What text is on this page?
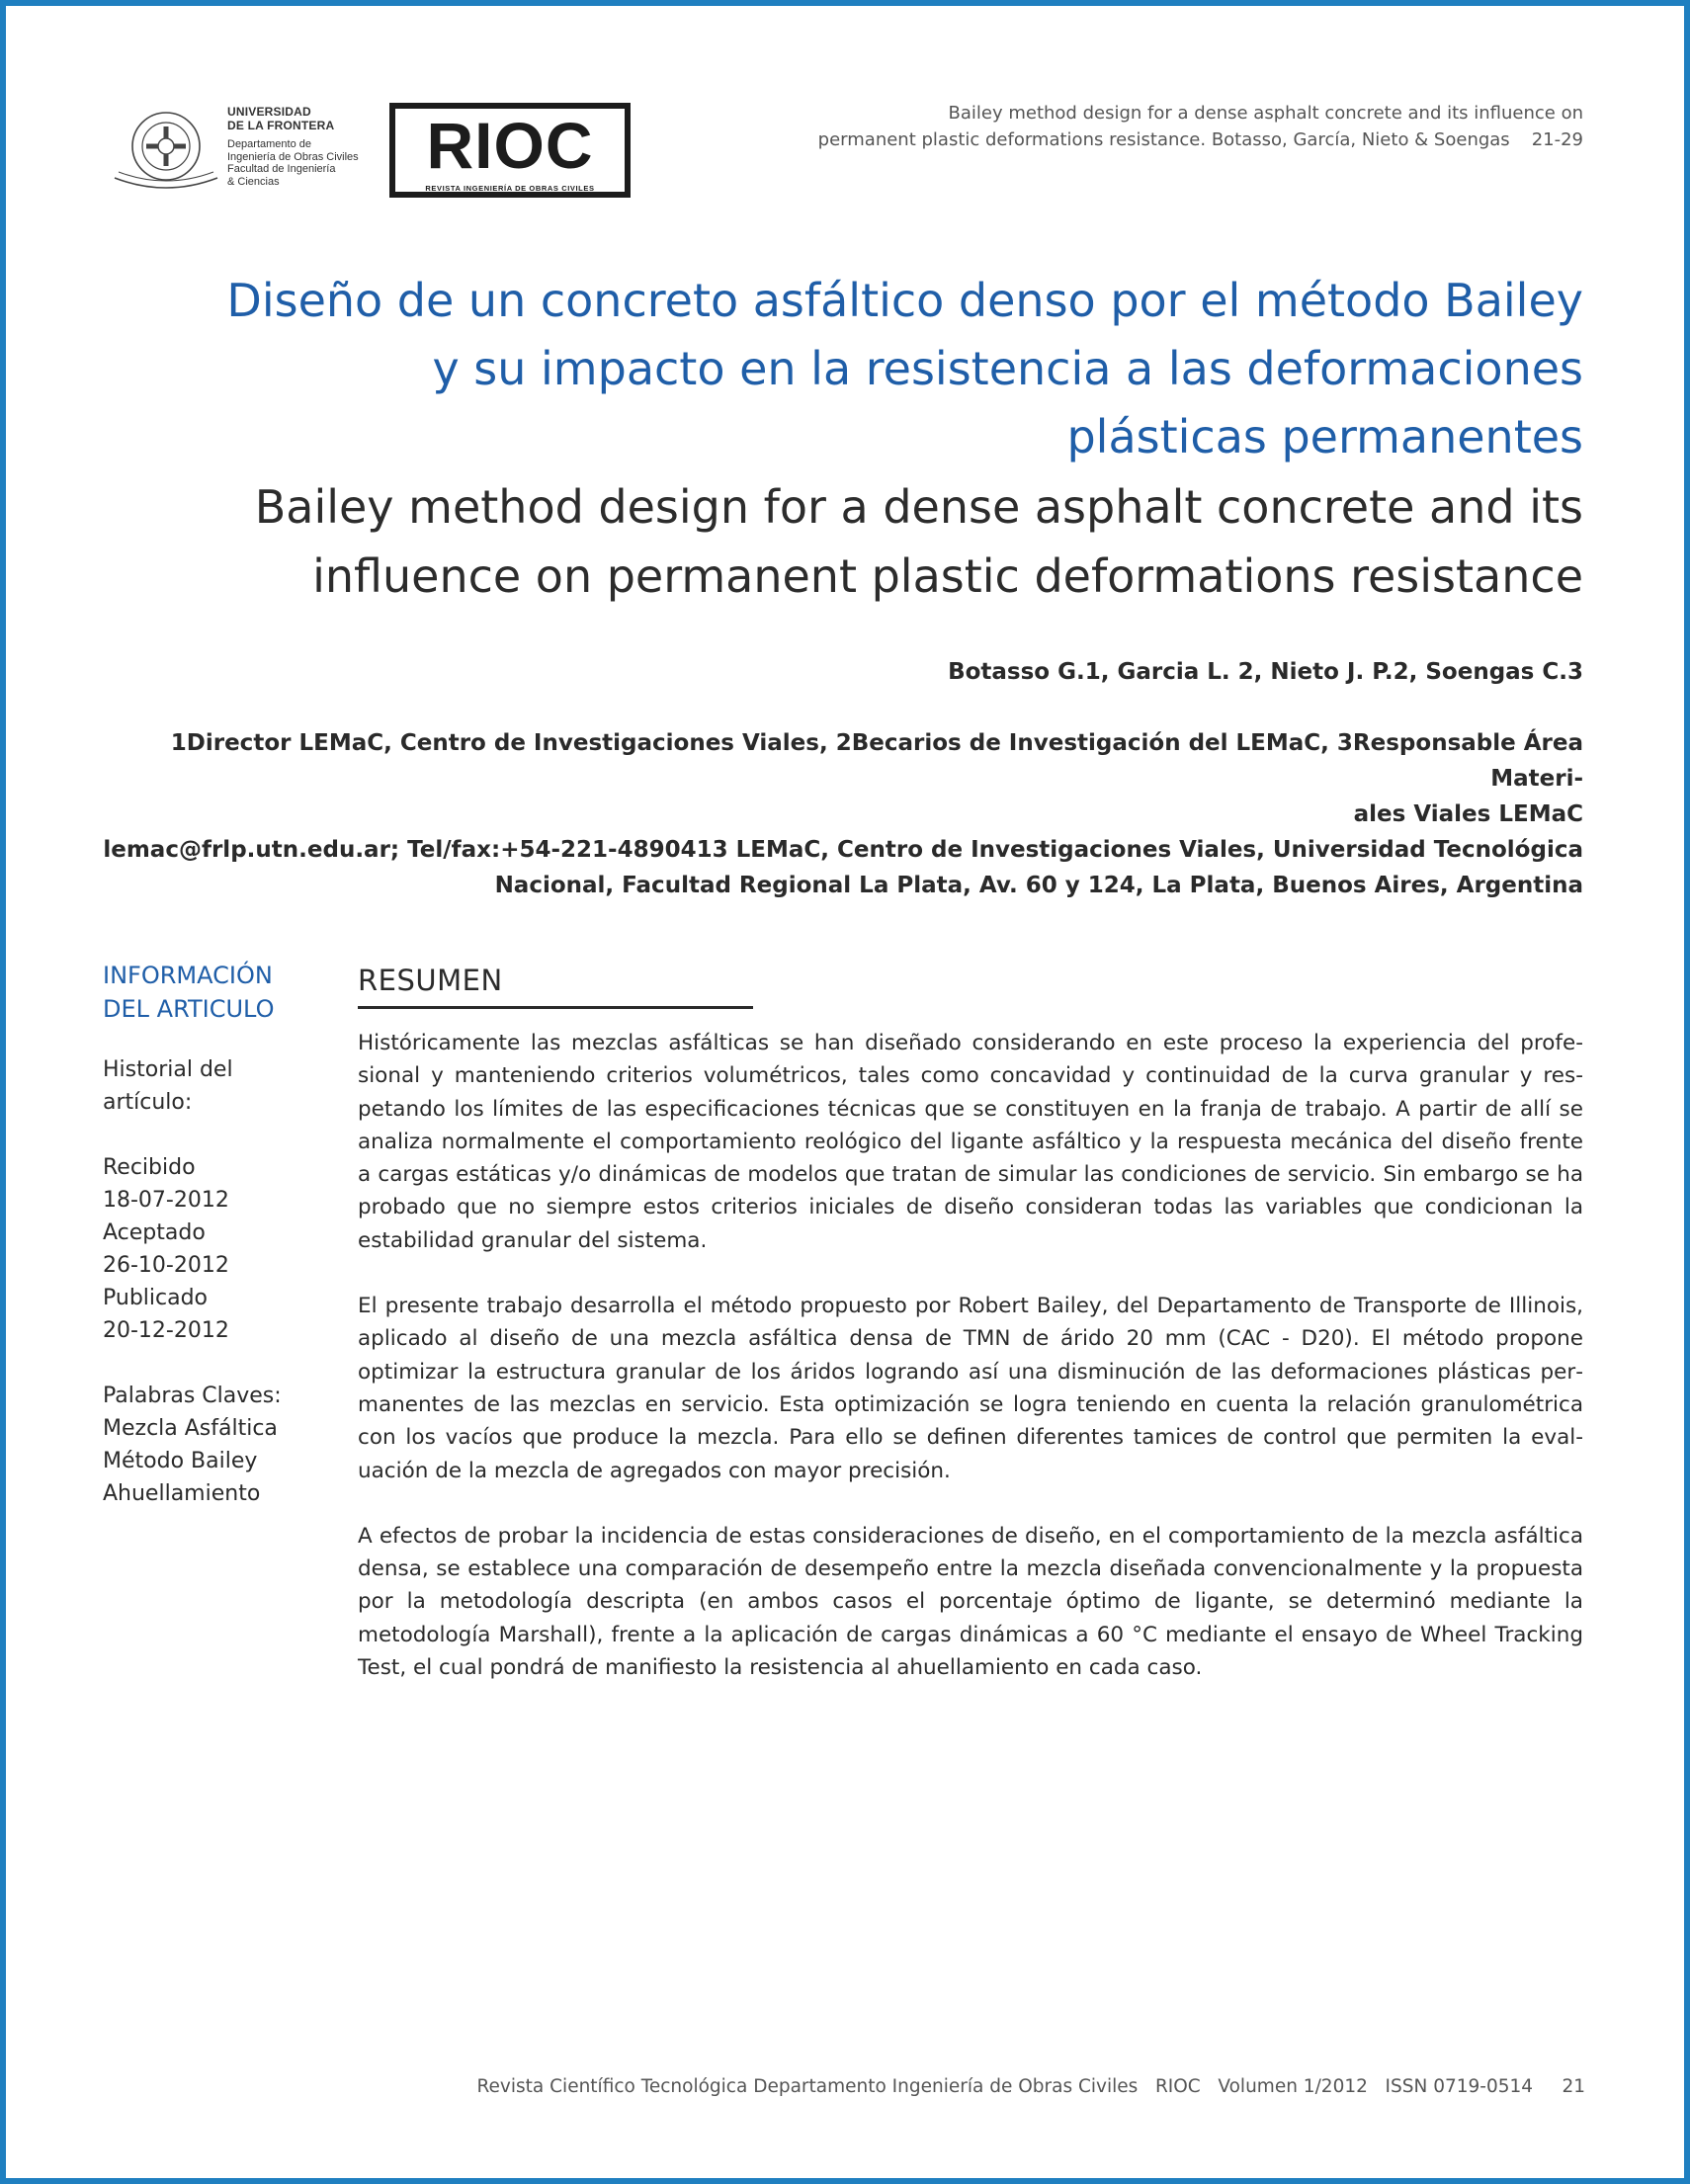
UNIVERSIDAD
DE LA FRONTERA
Departamento de
Ingeniería de Obras Civiles
Facultad de Ingeniería
& Ciencias	RIOC
REVISTA INGENIERÍA DE OBRAS CIVILES
Bailey method design for a dense asphalt concrete and its influence on
permanent plastic deformations resistance. Botasso, García, Nieto & Soengas 21-29
Diseño de un concreto asfáltico denso por el método Bailey
y su impacto en la resistencia a las deformaciones
plásticas permanentes
Bailey method design for a dense asphalt concrete and its
influence on permanent plastic deformations resistance
Botasso G.1, Garcia L. 2, Nieto J. P.2, Soengas C.3
1Director LEMaC, Centro de Investigaciones Viales, 2Becarios de Investigación del LEMaC, 3Responsable Área Materi-
ales Viales LEMaC
lemac@frlp.utn.edu.ar; Tel/fax:+54-221-4890413 LEMaC, Centro de Investigaciones Viales, Universidad Tecnológica
Nacional, Facultad Regional La Plata, Av. 60 y 124, La Plata, Buenos Aires, Argentina
INFORMACIÓN
DEL ARTICULO
Historial del
artículo:
Recibido
18-07-2012
Aceptado
26-10-2012
Publicado
20-12-2012
Palabras Claves:
Mezcla Asfáltica
Método Bailey
Ahuellamiento
RESUMEN

Históricamente las mezclas asfálticas se han diseñado considerando en este proceso la experiencia del profesional y manteniendo criterios volumétricos, tales como concavidad y continuidad de la curva granular y respetando los límites de las especificaciones técnicas que se constituyen en la franja de trabajo. A partir de allí se analiza normalmente el comportamiento reológico del ligante asfáltico y la respuesta mecánica del diseño frente a cargas estáticas y/o dinámicas de modelos que tratan de simular las condiciones de servicio. Sin embargo se ha probado que no siempre estos criterios iniciales de diseño consideran todas las variables que condicionan la estabilidad granular del sistema.

El presente trabajo desarrolla el método propuesto por Robert Bailey, del Departamento de Transporte de Illinois, aplicado al diseño de una mezcla asfáltica densa de TMN de árido 20 mm (CAC - D20). El método propone optimizar la estructura granular de los áridos logrando así una disminución de las deformaciones plásticas permanentes de las mezclas en servicio. Esta optimización se logra teniendo en cuenta la relación granulométrica con los vacíos que produce la mezcla. Para ello se definen diferentes tamices de control que permiten la evaluación de la mezcla de agregados con mayor precisión.

A efectos de probar la incidencia de estas consideraciones de diseño, en el comportamiento de la mezcla asfáltica densa, se establece una comparación de desempeño entre la mezcla diseñada convencionalmente y la propuesta por la metodología descripta (en ambos casos el porcentaje óptimo de ligante, se determinó mediante la metodología Marshall), frente a la aplicación de cargas dinámicas a 60 °C mediante el ensayo de Wheel Tracking Test, el cual pondrá de manifiesto la resistencia al ahuellamiento en cada caso.

Revista Científico Tecnológica Departamento Ingeniería de Obras Civiles RIOC Volumen 1/2012 ISSN 0719-0514 21
